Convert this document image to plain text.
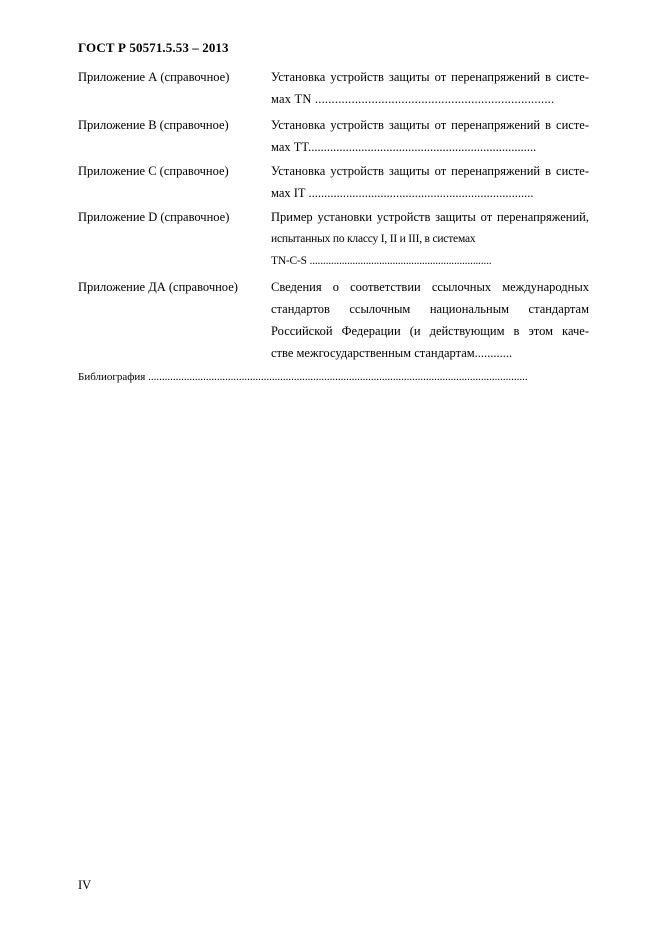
ГОСТ Р 50571.5.53 – 2013
Приложение А (справочное)	Установка устройств защиты от перенапряжений в систе-
мах TN ........................................................................
Приложение В (справочное)	Установка устройств защиты от перенапряжений в систе-
мах TT.........................................................................
Приложение С (справочное)	Установка устройств защиты от перенапряжений в систе-
мах IT ........................................................................
Приложение D (справочное)	Пример установки устройств защиты от перенапряжений,
испытанных по классу I, II и III, в системах
TN-C-S ....................................................................
Приложение ДА (справочное)	Сведения о соответствии ссылочных международных
стандартов ссылочным национальным стандартам
Российской Федерации (и действующим в этом каче-
стве межгосударственным стандартам............
Библиография ..........................................................................................................................................
IV
